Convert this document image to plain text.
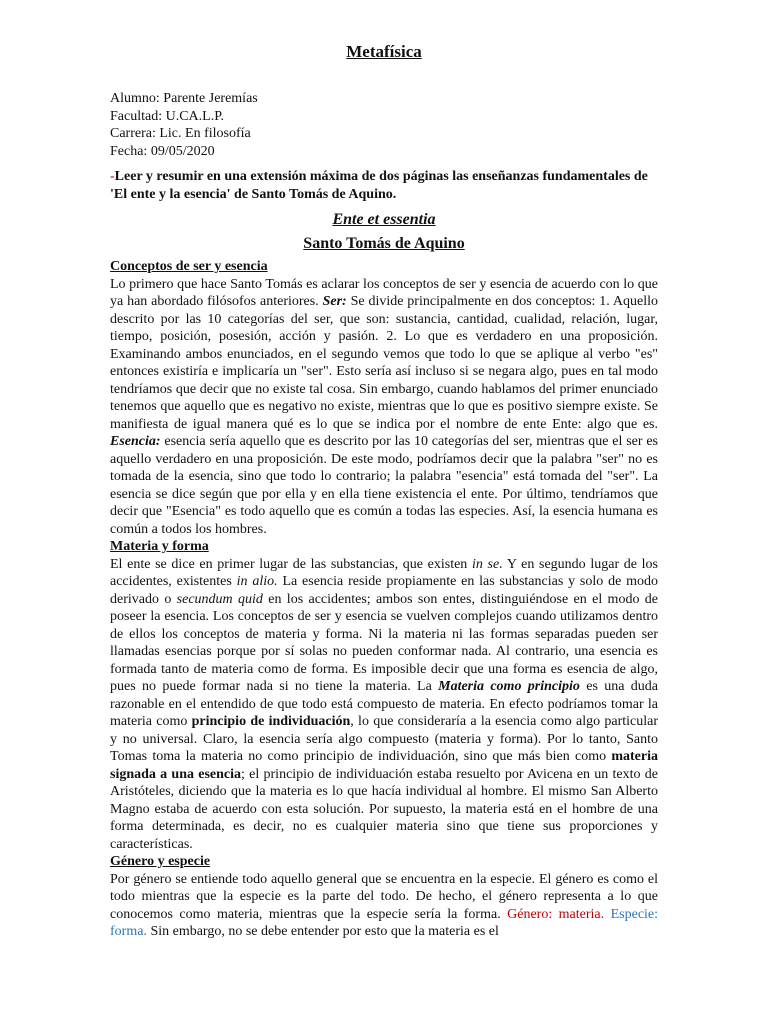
Metafísica
Alumno: Parente Jeremías
Facultad: U.CA.L.P.
Carrera: Lic. En filosofía
Fecha: 09/05/2020
-Leer y resumir en una extensión máxima de dos páginas las enseñanzas fundamentales de 'El ente y la esencia' de Santo Tomás de Aquino.
Ente et essentia
Santo Tomás de Aquino
Conceptos de ser y esencia

Lo primero que hace Santo Tomás es aclarar los conceptos de ser y esencia de acuerdo con lo que ya han abordado filósofos anteriores. Ser: Se divide principalmente en dos conceptos: 1. Aquello descrito por las 10 categorías del ser, que son: sustancia, cantidad, cualidad, relación, lugar, tiempo, posición, posesión, acción y pasión. 2. Lo que es verdadero en una proposición. Examinando ambos enunciados, en el segundo vemos que todo lo que se aplique al verbo "es" entonces existiría e implicaría un "ser". Esto sería así incluso si se negara algo, pues en tal modo tendríamos que decir que no existe tal cosa. Sin embargo, cuando hablamos del primer enunciado tenemos que aquello que es negativo no existe, mientras que lo que es positivo siempre existe. Se manifiesta de igual manera qué es lo que se indica por el nombre de ente Ente: algo que es. Esencia: esencia sería aquello que es descrito por las 10 categorías del ser, mientras que el ser es aquello verdadero en una proposición. De este modo, podríamos decir que la palabra "ser" no es tomada de la esencia, sino que todo lo contrario; la palabra "esencia" está tomada del "ser". La esencia se dice según que por ella y en ella tiene existencia el ente. Por último, tendríamos que decir que "Esencia" es todo aquello que es común a todas las especies. Así, la esencia humana es común a todos los hombres.

Materia y forma

El ente se dice en primer lugar de las substancias, que existen in se. Y en segundo lugar de los accidentes, existentes in alio. La esencia reside propiamente en las substancias y solo de modo derivado o secundum quid en los accidentes; ambos son entes, distinguiéndose en el modo de poseer la esencia. Los conceptos de ser y esencia se vuelven complejos cuando utilizamos dentro de ellos los conceptos de materia y forma. Ni la materia ni las formas separadas pueden ser llamadas esencias porque por sí solas no pueden conformar nada. Al contrario, una esencia es formada tanto de materia como de forma. Es imposible decir que una forma es esencia de algo, pues no puede formar nada si no tiene la materia. La Materia como principio es una duda razonable en el entendido de que todo está compuesto de materia. En efecto podríamos tomar la materia como principio de individuación, lo que consideraría a la esencia como algo particular y no universal. Claro, la esencia sería algo compuesto (materia y forma). Por lo tanto, Santo Tomas toma la materia no como principio de individuación, sino que más bien como materia signada a una esencia; el principio de individuación estaba resuelto por Avicena en un texto de Aristóteles, diciendo que la materia es lo que hacía individual al hombre. El mismo San Alberto Magno estaba de acuerdo con esta solución. Por supuesto, la materia está en el hombre de una forma determinada, es decir, no es cualquier materia sino que tiene sus proporciones y características.

Género y especie

Por género se entiende todo aquello general que se encuentra en la especie. El género es como el todo mientras que la especie es la parte del todo. De hecho, el género representa a lo que conocemos como materia, mientras que la especie sería la forma. Género: materia. Especie: forma. Sin embargo, no se debe entender por esto que la materia es el
